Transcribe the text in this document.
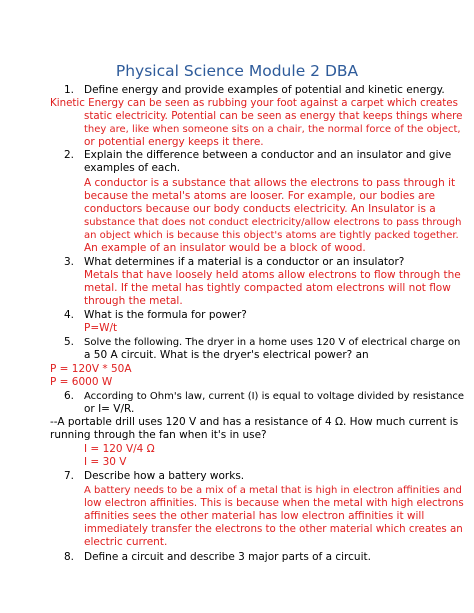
Physical Science Module 2 DBA
1. Define energy and provide examples of potential and kinetic energy.
Kinetic Energy can be seen as rubbing your foot against a carpet which creates
static electricity. Potential can be seen as energy that keeps things where
they are, like when someone sits on a chair, the normal force of the object,
or potential energy keeps it there.
2. Explain the difference between a conductor and an insulator and give
examples of each.
A conductor is a substance that allows the electrons to pass through it
because the metal's atoms are looser. For example, our bodies are
conductors because our body conducts electricity. An Insulator is a
substance that does not conduct electricity/allow electrons to pass through
an object which is because this object's atoms are tightly packed together.
An example of an insulator would be a block of wood.
3. What determines if a material is a conductor or an insulator?
Metals that have loosely held atoms allow electrons to flow through the
metal. If the metal has tightly compacted atom electrons will not flow
through the metal.
4. What is the formula for power?
P=W/t
5. Solve the following. The dryer in a home uses 120 V of electrical charge on
a 50 A circuit. What is the dryer's electrical power? an
P = 120V * 50A
P = 6000 W
6. According to Ohm's law, current (I) is equal to voltage divided by resistance
or I= V/R.
--A portable drill uses 120 V and has a resistance of 4 Ω. How much current is
running through the fan when it's in use?
I = 120 V/4 Ω
I = 30 V
7. Describe how a battery works.
A battery needs to be a mix of a metal that is high in electron affinities and
low electron affinities. This is because when the metal with high electrons
affinities sees the other material has low electron affinities it will
immediately transfer the electrons to the other material which creates an
electric current.
8. Define a circuit and describe 3 major parts of a circuit.
